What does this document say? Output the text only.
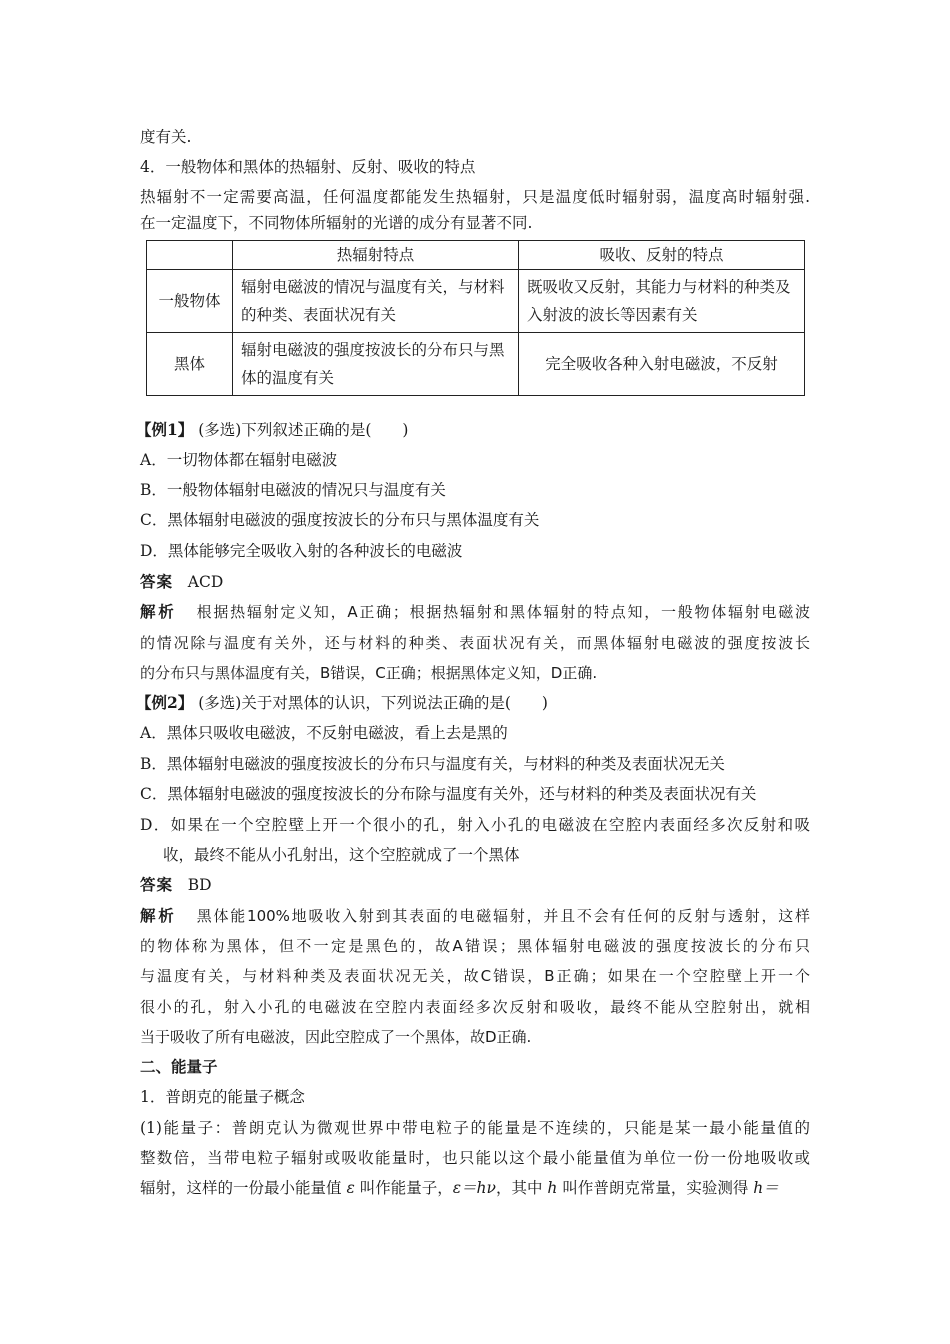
度有关.
4．一般物体和黑体的热辐射、反射、吸收的特点
热辐射不一定需要高温，任何温度都能发生热辐射，只是温度低时辐射弱，温度高时辐射强.
在一定温度下，不同物体所辐射的光谱的成分有显著不同.
	热辐射特点	吸收、反射的特点
一般物体	辐射电磁波的情况与温度有关，与材料的种类、表面状况有关	既吸收又反射，其能力与材料的种类及入射波的波长等因素有关
黑体	辐射电磁波的强度按波长的分布只与黑体的温度有关	完全吸收各种入射电磁波，不反射
【例1】 (多选)下列叙述正确的是(　　)
A．一切物体都在辐射电磁波
B．一般物体辐射电磁波的情况只与温度有关
C．黑体辐射电磁波的强度按波长的分布只与黑体温度有关
D．黑体能够完全吸收入射的各种波长的电磁波
答案 ACD
解析 根据热辐射定义知，A正确；根据热辐射和黑体辐射的特点知，一般物体辐射电磁波
的情况除与温度有关外，还与材料的种类、表面状况有关，而黑体辐射电磁波的强度按波长
的分布只与黑体温度有关，B错误，C正确；根据黑体定义知，D正确.
【例2】 (多选)关于对黑体的认识，下列说法正确的是(　　)
A．黑体只吸收电磁波，不反射电磁波，看上去是黑的
B．黑体辐射电磁波的强度按波长的分布只与温度有关，与材料的种类及表面状况无关
C．黑体辐射电磁波的强度按波长的分布除与温度有关外，还与材料的种类及表面状况有关
D．如果在一个空腔壁上开一个很小的孔，射入小孔的电磁波在空腔内表面经多次反射和吸
收，最终不能从小孔射出，这个空腔就成了一个黑体
答案 BD
解析 黑体能100%地吸收入射到其表面的电磁辐射，并且不会有任何的反射与透射，这样
的物体称为黑体，但不一定是黑色的，故A错误；黑体辐射电磁波的强度按波长的分布只
与温度有关，与材料种类及表面状况无关，故C错误，B正确；如果在一个空腔壁上开一个
很小的孔，射入小孔的电磁波在空腔内表面经多次反射和吸收，最终不能从空腔射出，就相
当于吸收了所有电磁波，因此空腔成了一个黑体，故D正确.
二、能量子
1．普朗克的能量子概念
(1)能量子：普朗克认为微观世界中带电粒子的能量是不连续的，只能是某一最小能量值的
整数倍，当带电粒子辐射或吸收能量时，也只能以这个最小能量值为单位一份一份地吸收或
辐射，这样的一份最小能量值 ε 叫作能量子，ε＝hν，其中 h 叫作普朗克常量，实验测得 h＝
